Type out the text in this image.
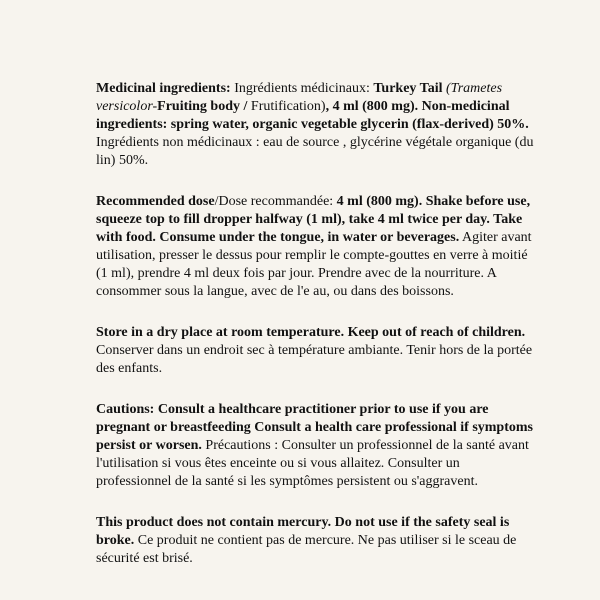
Medicinal ingredients: Ingrédients médicinaux: Turkey Tail (Trametes versicolor-Fruiting body / Frutification), 4 ml (800 mg). Non-medicinal ingredients: spring water, organic vegetable glycerin (flax-derived) 50%. Ingrédients non médicinaux : eau de source , glycérine végétale organique (du lin) 50%.

Recommended dose/Dose recommandée: 4 ml (800 mg). Shake before use, squeeze top to fill dropper halfway (1 ml), take 4 ml twice per day. Take with food. Consume under the tongue, in water or beverages. Agiter avant utilisation, presser le dessus pour remplir le compte-gouttes en verre à moitié (1 ml), prendre 4 ml deux fois par jour. Prendre avec de la nourriture. A consommer sous la langue, avec de l'e au, ou dans des boissons.

Store in a dry place at room temperature. Keep out of reach of children. Conserver dans un endroit sec à température ambiante. Tenir hors de la portée des enfants.

Cautions: Consult a healthcare practitioner prior to use if you are pregnant or breastfeeding Consult a health care professional if symptoms persist or worsen. Précautions : Consulter un professionnel de la santé avant l'utilisation si vous êtes enceinte ou si vous allaitez. Consulter un professionnel de la santé si les symptômes persistent ou s'aggravent.

This product does not contain mercury. Do not use if the safety seal is broke. Ce produit ne contient pas de mercure. Ne pas utiliser si le sceau de sécurité est brisé.
